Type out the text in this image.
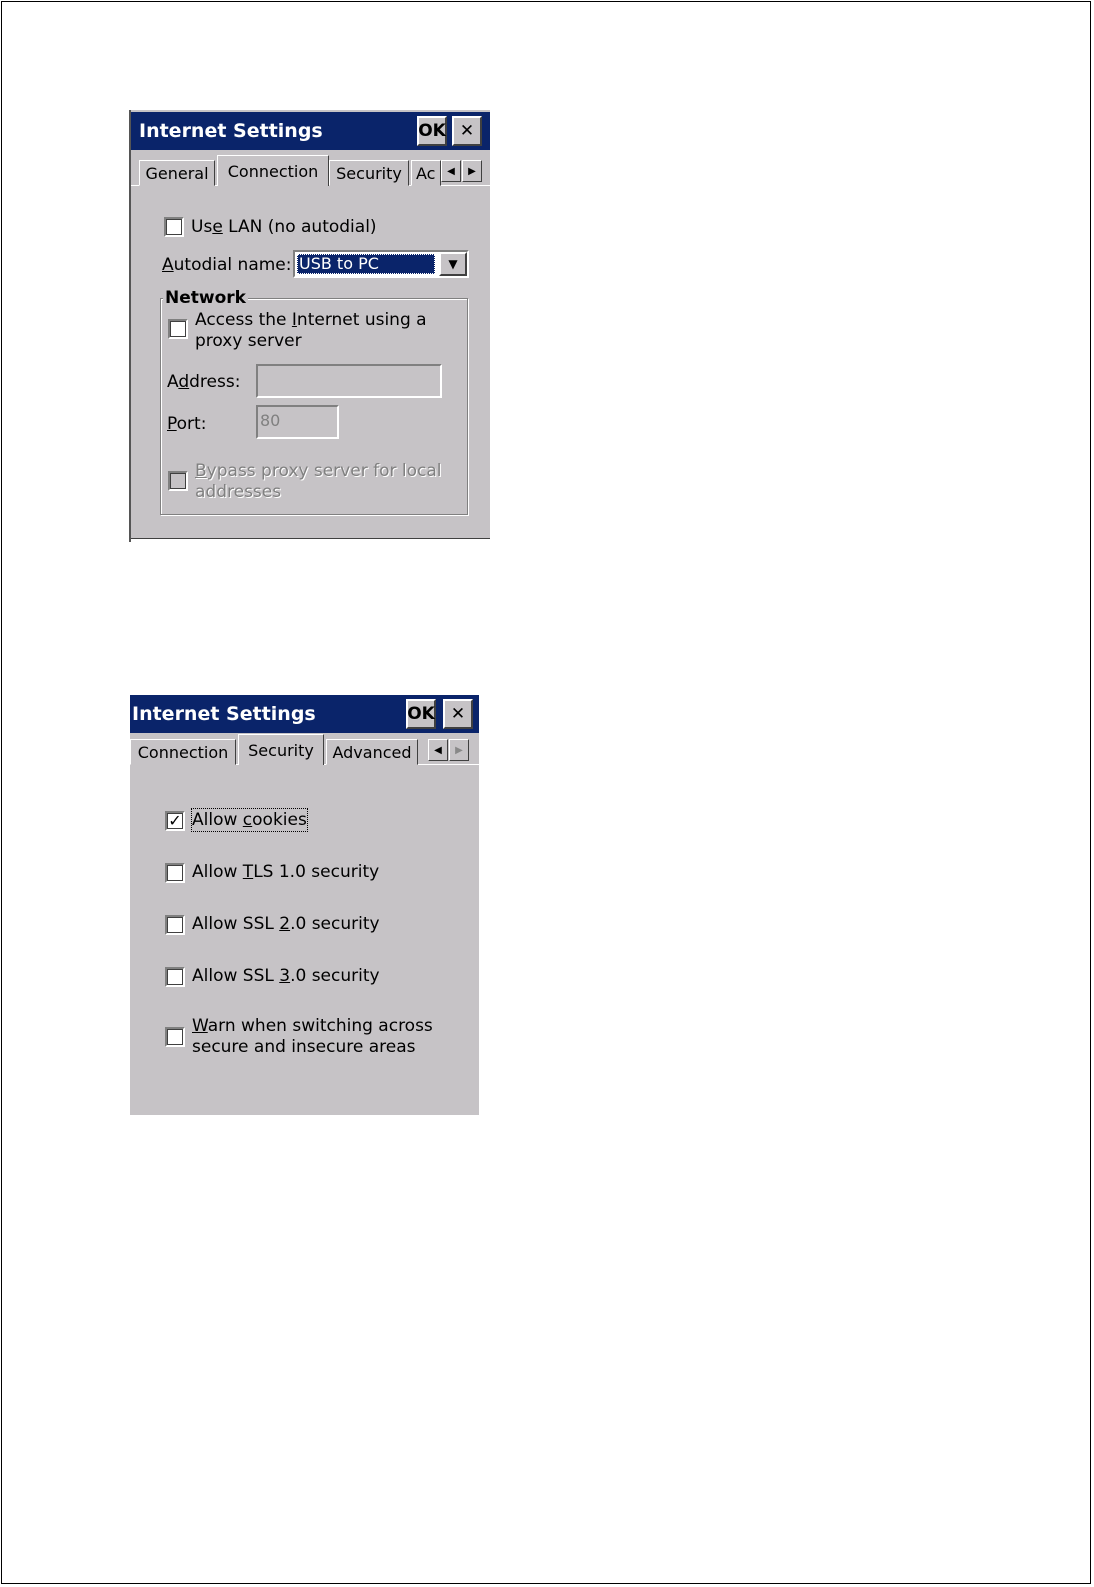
Internet Settings	OK ✕
General	Connection	Security Ac	◀ ▶
Use LAN (no autodial)
Autodial name: USB to PC	▼
Network
Access the Internet using a
proxy server
Address:
Port:	80
Bypass proxy server for local
addresses
Internet Settings	OK ✕
Connection	Security	Advanced	◀ ▶
✓ Allow cookies
Allow TLS 1.0 security
Allow SSL 2.0 security
Allow SSL 3.0 security
Warn when switching across
secure and insecure areas
